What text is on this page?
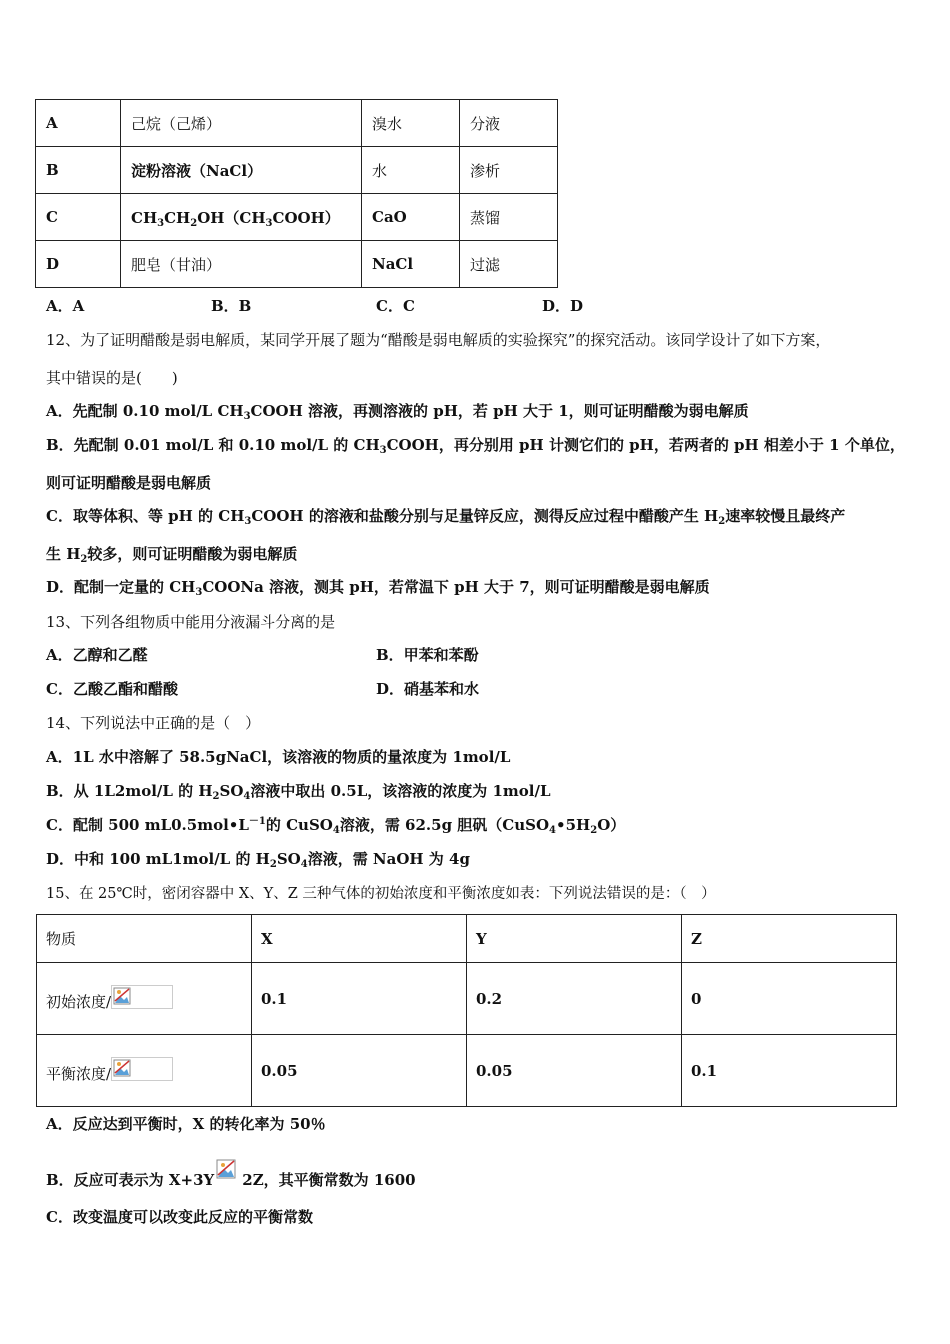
A	己烷（己烯）	溴水	分液
B	淀粉溶液（NaCl）	水	渗析
C	$CH_3CH_2OH(CH_3COOH)$	CaO	蒸馏
D	肥皂（甘油）	NaCl	过滤
A．A	B．B	C．C	D．D
12、为了证明醋酸是弱电解质，某同学开展了题为“醋酸是弱电解质的实验探究”的探究活动。该同学设计了如下方案，
其中错误的是(　　)
A．先配制 0.10 mol/L $CH_3COOH$ 溶液，再测溶液的 pH，若 pH 大于 1，则可证明醋酸为弱电解质
B．先配制 0.01 mol/L 和 0.10 mol/L 的 $CH_3COOH$，再分别用 pH 计测它们的 pH，若两者的 pH 相差小于 1 个单位，
则可证明醋酸是弱电解质
C．取等体积、等 pH 的 $CH_3COOH$ 的溶液和盐酸分别与足量锌反应，测得反应过程中醋酸产生 $H_2$速率较慢且最终产
生 $H_2$较多，则可证明醋酸为弱电解质
D．配制一定量的 $CH_3COONa$ 溶液，测其 pH，若常温下 pH 大于 7，则可证明醋酸是弱电解质
13、下列各组物质中能用分液漏斗分离的是
A．乙醇和乙醛	B．甲苯和苯酚
C．乙酸乙酯和醋酸	D．硝基苯和水
14、下列说法中正确的是（　）
A．1L 水中溶解了 58.5gNaCl，该溶液的物质的量浓度为 1mol/L
B．从 1L2mol/L 的 $H_2SO_4$溶液中取出 0.5L，该溶液的浓度为 1mol/L
C．配制 500 $mL0.5mol•L^{-1}$的 CuSO$_4$溶液，需 62.5g 胆矾$(CuSO_4•5H_2O)$
D．中和 100 mL1mol/L 的 $H_2SO_4$溶液，需 NaOH 为 4g
15、在 25℃时，密闭容器中 X、Y、Z 三种气体的初始浓度和平衡浓度如表：下列说法错误的是：（　）
物质	X	Y	Z
初始浓度/	0.1	0.2	0
平衡浓度/	0.05	0.05	0.1
A．反应达到平衡时，X 的转化率为 50％
B．反应可表示为 X+3Y 2Z，其平衡常数为 1600
C．改变温度可以改变此反应的平衡常数
